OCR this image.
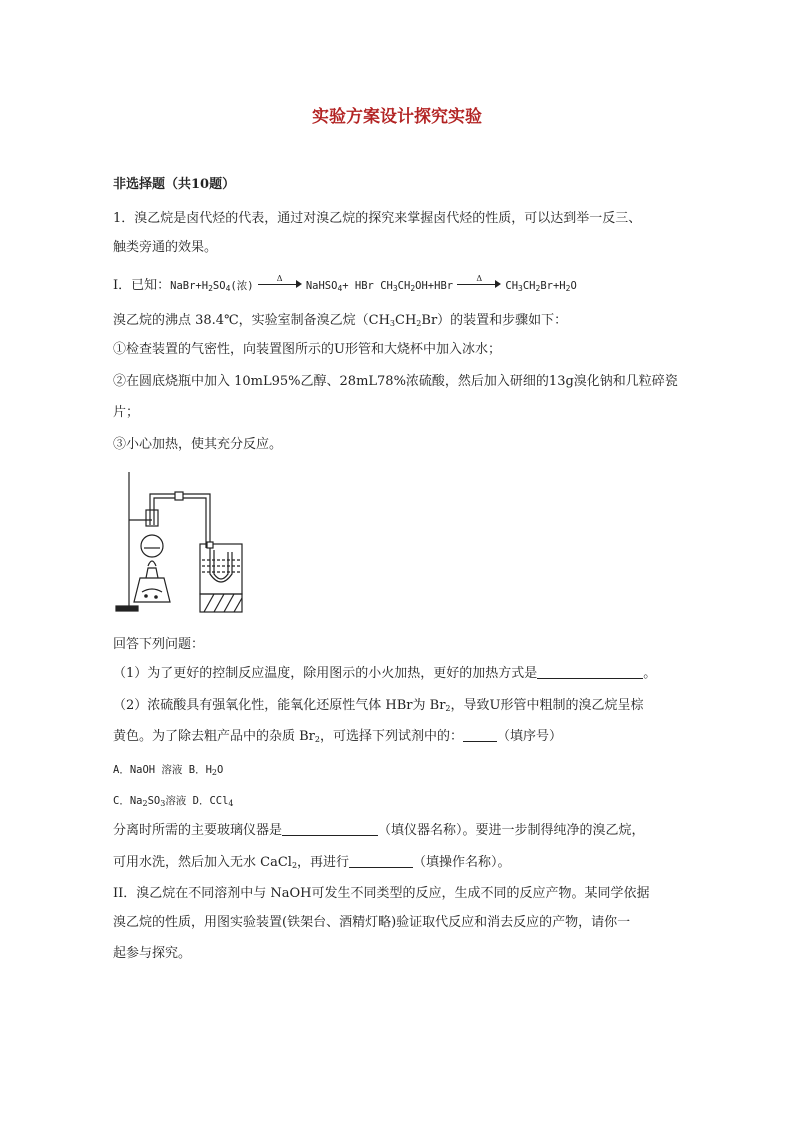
实验方案设计探究实验
非选择题（共10题）
1．溴乙烷是卤代烃的代表，通过对溴乙烷的探究来掌握卤代烃的性质，可以达到举一反三、
触类旁通的效果。
I．已知：$NaBr+H_2SO_4$(浓)
Δ
NaHSO$_4$+ HBr $CH_3CH_2OH+HBr$
Δ
$CH_3CH_2Br+H_2O$
溴乙烷的沸点 38.4℃，实验室制备溴乙烷$(CH_3CH_2Br)$的装置和步骤如下：
①检查装置的气密性，向装置图所示的U形管和大烧杯中加入冰水；
②在圆底烧瓶中加入 10mL95%乙醇、28mL78%浓硫酸，然后加入研细的13g溴化钠和几粒碎瓷
片；
③小心加热，使其充分反应。
回答下列问题：
（1）为了更好的控制反应温度，除用图示的小火加热，更好的加热方式是	。
（2）浓硫酸具有强氧化性，能氧化还原性气体 HBr为 $Br_2$，导致U形管中粗制的溴乙烷呈棕
黄色。为了除去粗产品中的杂质 $Br_2$，可选择下列试剂中的：	（填序号）
A．NaOH 溶液 B．$H_2O$
C．$Na_2SO_3$溶液 D．CCl$_4$
分离时所需的主要玻璃仪器是	（填仪器名称）。要进一步制得纯净的溴乙烷，
可用水洗，然后加入无水 CaCl$_2$，再进行	（填操作名称）。
II．溴乙烷在不同溶剂中与 NaOH可发生不同类型的反应，生成不同的反应产物。某同学依据
溴乙烷的性质，用图实验装置(铁架台、酒精灯略)验证取代反应和消去反应的产物，请你一
起参与探究。
